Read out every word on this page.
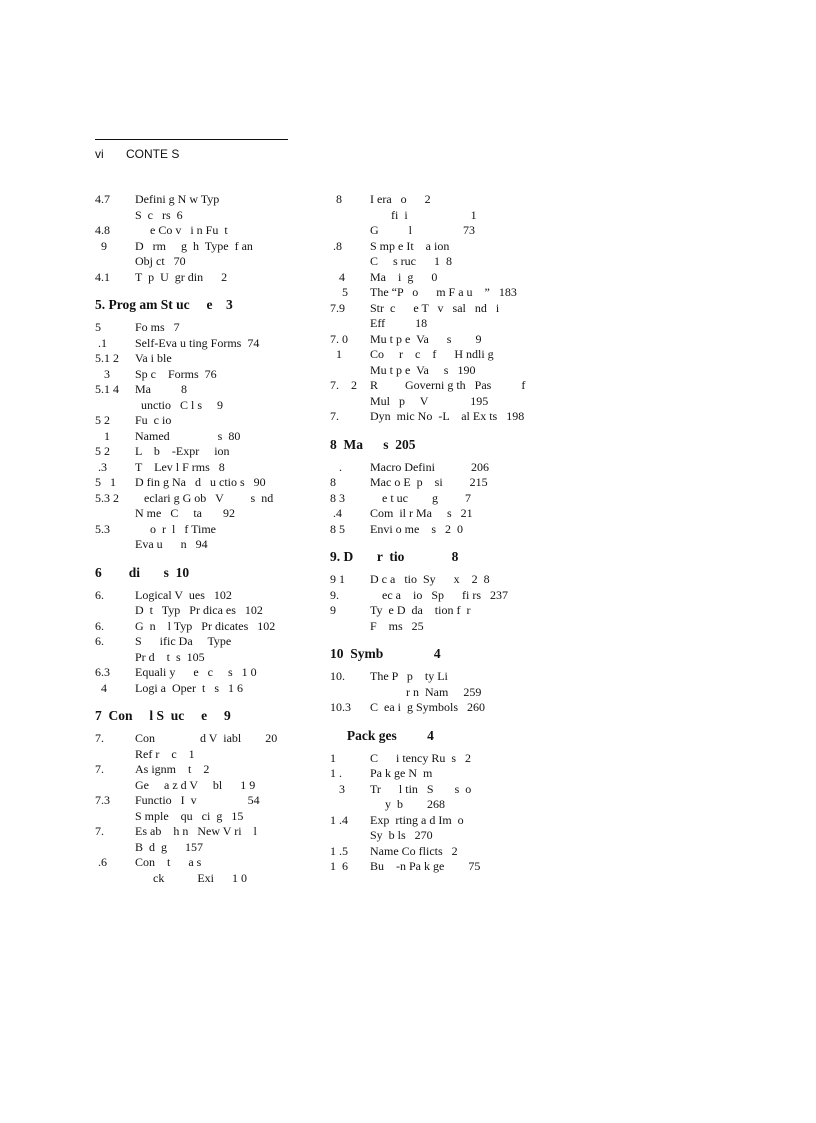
vi CONTE S
4.7	Defini g N w Typ
S  c   rs  6
4.8	e Co v   i n Fu  t
9	D   rm     g  h  Type  f an
Obj ct   70
4.1	T  p  U  gr din      2
5. Prog am St uc     e    3
5	Fo ms   7
.1	Self-Eva u ting Forms  74
5.1 2	Va i ble
3	Sp c    Forms  76
5.1 4	Ma          8
unctio   C l s     9
5 2	Fu  c io
1	Named                s  80
5 2	L    b    -Expr     ion
.3	T    Lev l F rms   8
5   1	D fin g Na   d   u ctio s   90
5.3 2	eclari g G ob   V         s  nd
N me   C     ta       92
5.3	o  r  l   f Time
Eva u      n   94
6        di       s  10
6.	Logical V  ues   102
D  t   Typ   Pr dica es   102
6.	G  n    l Typ   Pr dicates   102
6.	S      ific Da     Type
Pr d    t  s  105
6.3	Equali y      e   c     s   1 0
4	Logi a  Oper  t   s   1 6
7  Con     l S  uc     e     9
7.	Con               d V  iabl        20
Ref r    c    1
7.	As ignm    t    2
Ge     a z d V     bl      1 9
7.3	Functio   I  v                 54
S mple    qu   ci  g   15
7.	Es ab    h n   New V ri    l
B  d  g      157
.6	Con    t      a s
ck           Exi      1 0
8	I era   o      2
fi  i                     1
G          l                 73
.8	S mp e It    a ion
C     s ruc      1  8
4	Ma    i  g      0
5	The “P   o      m F a u    ”   183
7.9	Str  c      e T   v   sal   nd   i
Eff          18
7. 0	Mu t p e  Va      s        9
1	Co     r    c    f      H ndli g
Mu t p e  Va     s   190
7.    2	R         Governi g th   Pas          f
Mul   p     V              195
7.	Dyn  mic No  -L    al Ex ts   198
8  Ma      s  205
.	Macro Defini            206
8	Mac o E  p    si         215
8 3	e t uc        g         7
.4	Com  il r Ma     s   21
8 5	Envi o me    s   2  0
9. D       r  tio              8
9 1	D c a   tio  Sy      x    2  8
9.	ec a    io   Sp      fi rs   237
9	Ty  e D  da    tion f  r
F    ms   25
10  Symb               4
10.	The P   p    ty Li
r n  Nam     259
10.3	C  ea i  g Symbols   260
Pack ges         4
1	C      i tency Ru  s   2
1 .	Pa k ge N  m
3	Tr      l tin   S       s  o
y  b        268
1 .4	Exp  rting a d Im  o
Sy  b ls   270
1 .5	Name Co flicts   2
1  6	Bu    -n Pa k ge        75
